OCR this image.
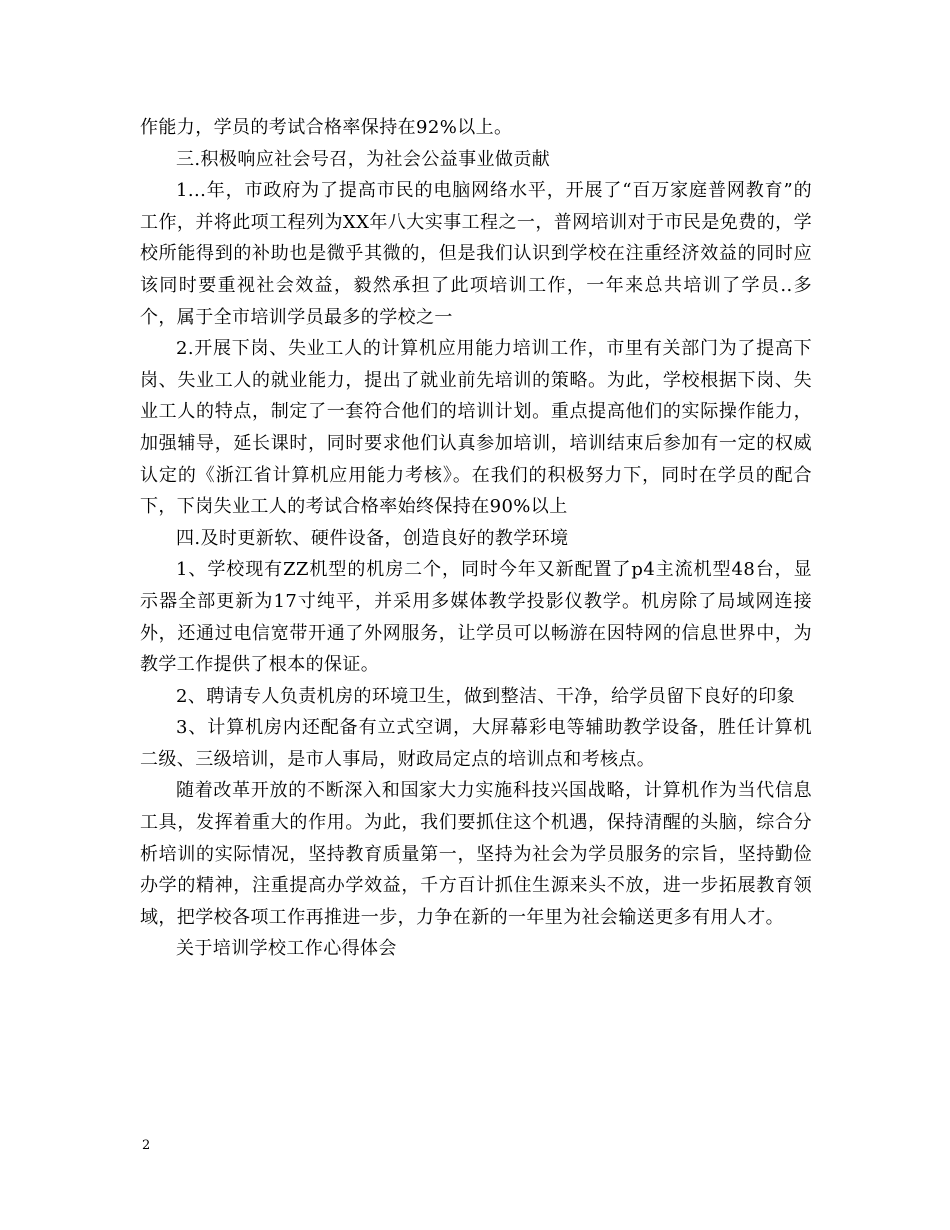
作能力，学员的考试合格率保持在92%以上。

三.积极响应社会号召，为社会公益事业做贡献

1...年，市政府为了提高市民的电脑网络水平，开展了“百万家庭普网教育”的工作，并将此项工程列为XX年八大实事工程之一，普网培训对于市民是免费的，学校所能得到的补助也是微乎其微的，但是我们认识到学校在注重经济效益的同时应该同时要重视社会效益，毅然承担了此项培训工作，一年来总共培训了学员..多个，属于全市培训学员最多的学校之一

2.开展下岗、失业工人的计算机应用能力培训工作，市里有关部门为了提高下岗、失业工人的就业能力，提出了就业前先培训的策略。为此，学校根据下岗、失业工人的特点，制定了一套符合他们的培训计划。重点提高他们的实际操作能力，加强辅导，延长课时，同时要求他们认真参加培训，培训结束后参加有一定的权威认定的《浙江省计算机应用能力考核》。在我们的积极努力下，同时在学员的配合下，下岗失业工人的考试合格率始终保持在90%以上

四.及时更新软、硬件设备，创造良好的教学环境

1、学校现有ZZ机型的机房二个，同时今年又新配置了p4主流机型48台，显示器全部更新为17寸纯平，并采用多媒体教学投影仪教学。机房除了局域网连接外，还通过电信宽带开通了外网服务，让学员可以畅游在因特网的信息世界中，为教学工作提供了根本的保证。

2、聘请专人负责机房的环境卫生，做到整洁、干净，给学员留下良好的印象

3、计算机房内还配备有立式空调，大屏幕彩电等辅助教学设备，胜任计算机二级、三级培训，是市人事局，财政局定点的培训点和考核点。

随着改革开放的不断深入和国家大力实施科技兴国战略，计算机作为当代信息工具，发挥着重大的作用。为此，我们要抓住这个机遇，保持清醒的头脑，综合分析培训的实际情况，坚持教育质量第一，坚持为社会为学员服务的宗旨，坚持勤俭办学的精神，注重提高办学效益，千方百计抓住生源来头不放，进一步拓展教育领域，把学校各项工作再推进一步，力争在新的一年里为社会输送更多有用人才。

关于培训学校工作心得体会

2
